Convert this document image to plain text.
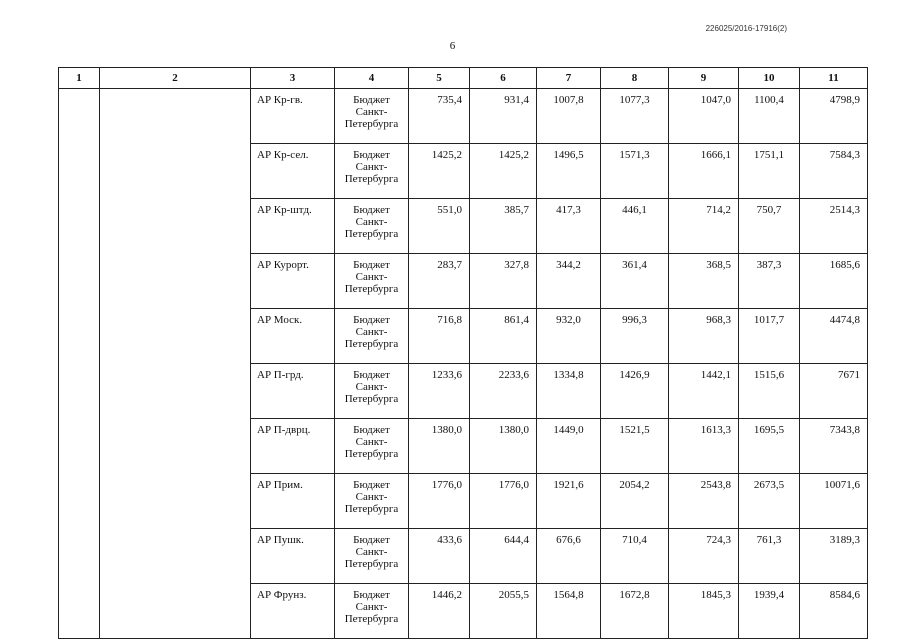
226025/2016-17916(2)
6
1	2	3	4	5	6	7	8	9	10	11
		АР Кр-гв.	Бюджет
Санкт-
Петербурга	735,4	931,4	1007,8	1077,3	1047,0	1100,4	4798,9
		АР Кр-сел.	Бюджет
Санкт-
Петербурга	1425,2	1425,2	1496,5	1571,3	1666,1	1751,1	7584,3
		АР Кр-штд.	Бюджет
Санкт-
Петербурга	551,0	385,7	417,3	446,1	714,2	750,7	2514,3
		АР Курорт.	Бюджет
Санкт-
Петербурга	283,7	327,8	344,2	361,4	368,5	387,3	1685,6
		АР Моск.	Бюджет
Санкт-
Петербурга	716,8	861,4	932,0	996,3	968,3	1017,7	4474,8
		АР П-грд.	Бюджет
Санкт-
Петербурга	1233,6	2233,6	1334,8	1426,9	1442,1	1515,6	7671
		АР П-дврц.	Бюджет
Санкт-
Петербурга	1380,0	1380,0	1449,0	1521,5	1613,3	1695,5	7343,8
		АР Прим.	Бюджет
Санкт-
Петербурга	1776,0	1776,0	1921,6	2054,2	2543,8	2673,5	10071,6
		АР Пушк.	Бюджет
Санкт-
Петербурга	433,6	644,4	676,6	710,4	724,3	761,3	3189,3
		АР Фрунз.	Бюджет
Санкт-
Петербурга	1446,2	2055,5	1564,8	1672,8	1845,3	1939,4	8584,6
